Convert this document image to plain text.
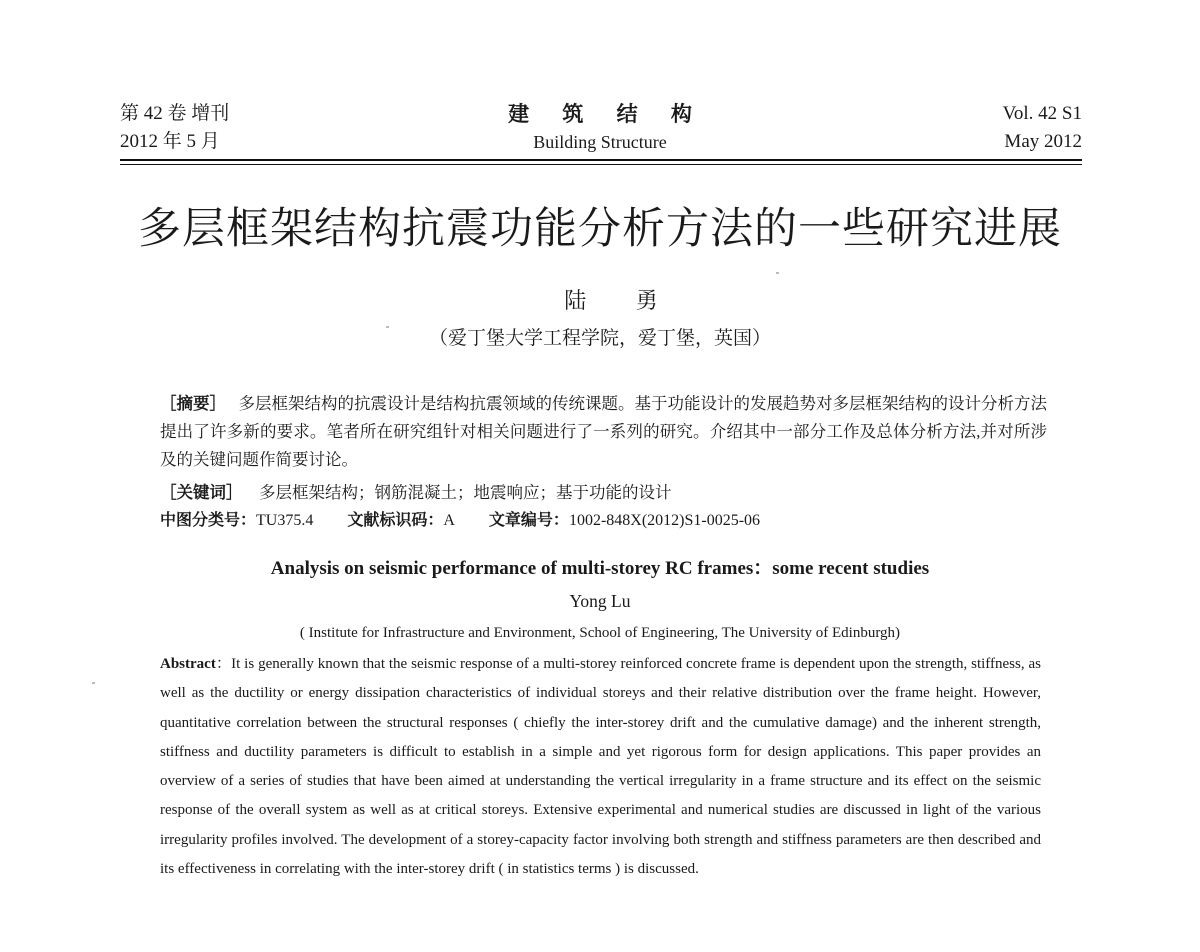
第 42 卷 增刊
2012 年 5 月
建 筑 结 构
Building Structure
Vol. 42 S1
May 2012
多层框架结构抗震功能分析方法的一些研究进展
陆 勇
（爱丁堡大学工程学院，爱丁堡，英国）
［摘要］ 多层框架结构的抗震设计是结构抗震领域的传统课题。基于功能设计的发展趋势对多层框架结构的设计分析方法提出了许多新的要求。笔者所在研究组针对相关问题进行了一系列的研究。介绍其中一部分工作及总体分析方法,并对所涉及的关键问题作简要讨论。
［关键词］ 多层框架结构；钢筋混凝土；地震响应；基于功能的设计
中图分类号：TU375.4 文献标识码：A 文章编号：1002-848X(2012)S1-0025-06
Analysis on seismic performance of multi-storey RC frames：some recent studies
Yong Lu
( Institute for Infrastructure and Environment, School of Engineering, The University of Edinburgh)
Abstract：It is generally known that the seismic response of a multi-storey reinforced concrete frame is dependent upon the strength, stiffness, as well as the ductility or energy dissipation characteristics of individual storeys and their relative distribution over the frame height. However, quantitative correlation between the structural responses ( chiefly the inter-storey drift and the cumulative damage) and the inherent strength, stiffness and ductility parameters is difficult to establish in a simple and yet rigorous form for design applications. This paper provides an overview of a series of studies that have been aimed at understanding the vertical irregularity in a frame structure and its effect on the seismic response of the overall system as well as at critical storeys. Extensive experimental and numerical studies are discussed in light of the various irregularity profiles involved. The development of a storey-capacity factor involving both strength and stiffness parameters are then described and its effectiveness in correlating with the inter-storey drift ( in statistics terms ) is discussed.
